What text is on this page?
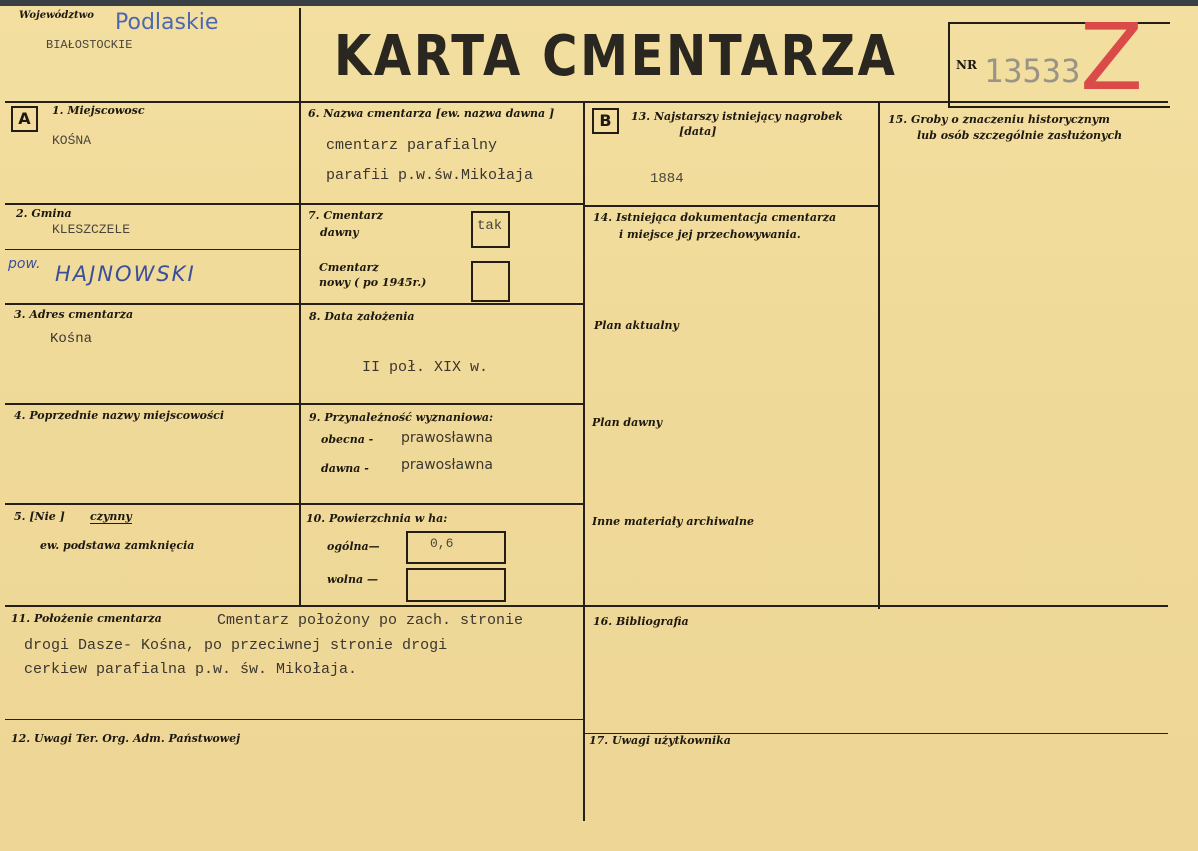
Województwo Podlaskie
BIAŁOSTOCKIE	KARTA CMENTARZA	NR 13533 Z
A	1. Miejscowosc
KOŚNA
2. Gmina
KLESZCZELE
pow. HAJNOWSKI
3. Adres cmentarza
Kośna
4. Poprzednie nazwy miejscowości
5. [Nie ] czynny
ew. podstawa zamknięcia
6. Nazwa cmentarza [ew. nazwa dawna ]
cmentarz parafialny
parafii p.w.św.Mikołaja
7. Cmentarz
dawny	tak
Cmentarz
nowy ( po 1945r.)
8. Data założenia
II poł. XIX w.
9. Przynależność wyznaniowa:
obecna - prawosławna
dawna - prawosławna
10. Powierzchnia w ha:
ogólna—	0,6
wolna —
B	13. Najstarszy istniejący nagrobek
[data]
1884
14. Istniejąca dokumentacja cmentarza
i miejsce jej przechowywania.
Plan aktualny
Plan dawny
Inne materiały archiwalne
15. Groby o znaczeniu historycznym
lub osób szczególnie zasłużonych
11. Położenie cmentarza	Cmentarz położony po zach. stronie
drogi Dasze- Kośna, po przeciwnej stronie drogi
cerkiew parafialna p.w. św. Mikołaja.
16. Bibliografia
12. Uwagi Ter. Org. Adm. Państwowej	17. Uwagi użytkownika
